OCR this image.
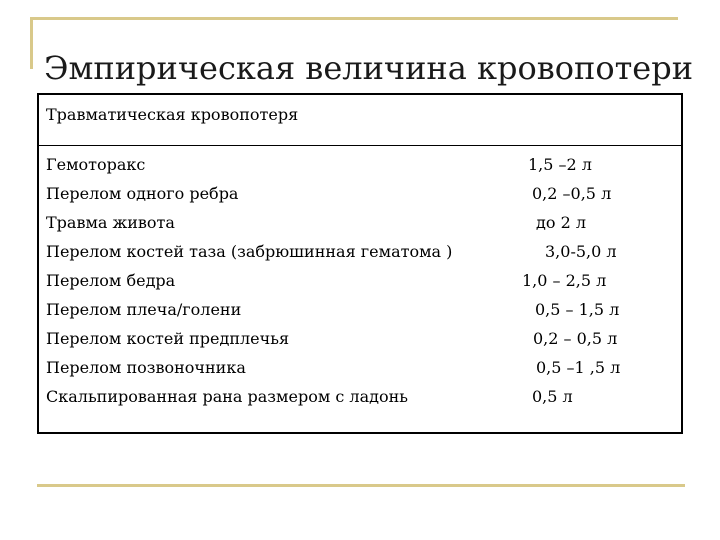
Эмпирическая величина кровопотери
Травматическая кровопотеря
Гемоторакс	1,5 –2 л
Перелом одного ребра	0,2 –0,5 л
Травма живота	до 2 л
Перелом костей таза (забрюшинная гематома )	3,0-5,0 л
Перелом бедра	1,0 – 2,5 л
Перелом плеча/голени	0,5 – 1,5 л
Перелом костей предплечья	0,2 – 0,5 л
Перелом позвоночника	0,5 –1 ,5 л
Скальпированная рана размером с ладонь	0,5 л
